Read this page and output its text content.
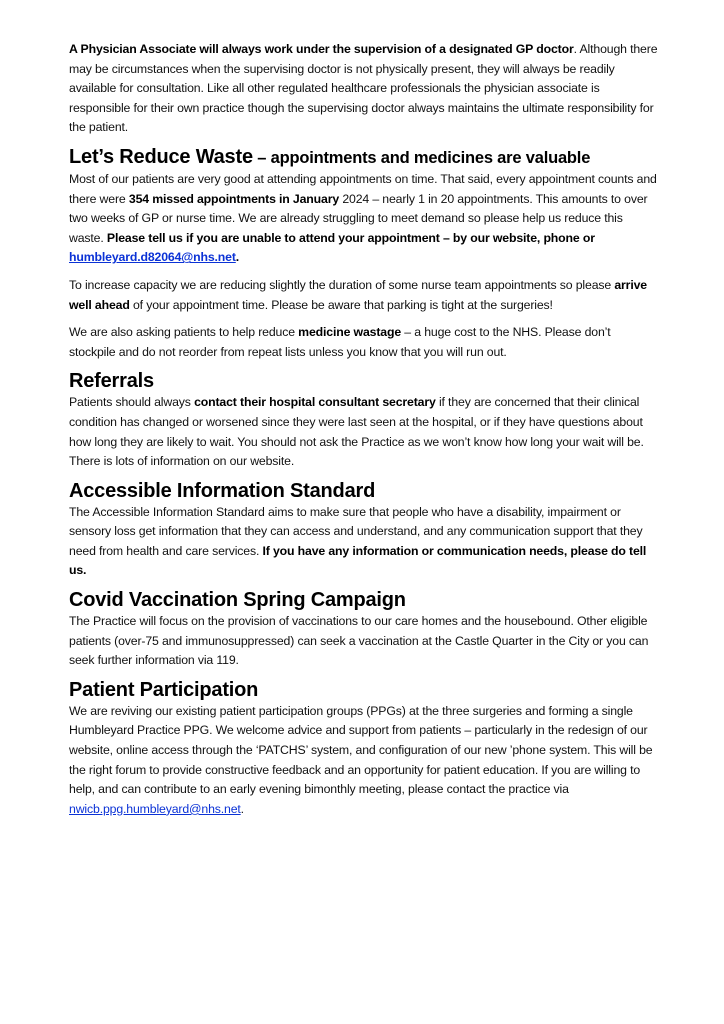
A Physician Associate will always work under the supervision of a designated GP doctor. Although there may be circumstances when the supervising doctor is not physically present, they will always be readily available for consultation. Like all other regulated healthcare professionals the physician associate is responsible for their own practice though the supervising doctor always maintains the ultimate responsibility for the patient.

Let’s Reduce Waste – appointments and medicines are valuable

Most of our patients are very good at attending appointments on time. That said, every appointment counts and there were 354 missed appointments in January 2024 – nearly 1 in 20 appointments. This amounts to over two weeks of GP or nurse time. We are already struggling to meet demand so please help us reduce this waste. Please tell us if you are unable to attend your appointment – by our website, phone or humbleyard.d82064@nhs.net.

To increase capacity we are reducing slightly the duration of some nurse team appointments so please arrive well ahead of your appointment time. Please be aware that parking is tight at the surgeries!

We are also asking patients to help reduce medicine wastage – a huge cost to the NHS. Please don’t stockpile and do not reorder from repeat lists unless you know that you will run out.

Referrals

Patients should always contact their hospital consultant secretary if they are concerned that their clinical condition has changed or worsened since they were last seen at the hospital, or if they have questions about how long they are likely to wait. You should not ask the Practice as we won’t know how long your wait will be. There is lots of information on our website.

Accessible Information Standard

The Accessible Information Standard aims to make sure that people who have a disability, impairment or sensory loss get information that they can access and understand, and any communication support that they need from health and care services. If you have any information or communication needs, please do tell us.

Covid Vaccination Spring Campaign

The Practice will focus on the provision of vaccinations to our care homes and the housebound. Other eligible patients (over-75 and immunosuppressed) can seek a vaccination at the Castle Quarter in the City or you can seek further information via 119.

Patient Participation

We are reviving our existing patient participation groups (PPGs) at the three surgeries and forming a single Humbleyard Practice PPG. We welcome advice and support from patients – particularly in the redesign of our website, online access through the ‘PATCHS’ system, and configuration of our new ’phone system. This will be the right forum to provide constructive feedback and an opportunity for patient education. If you are willing to help, and can contribute to an early evening bimonthly meeting, please contact the practice via nwicb.ppg.humbleyard@nhs.net.
